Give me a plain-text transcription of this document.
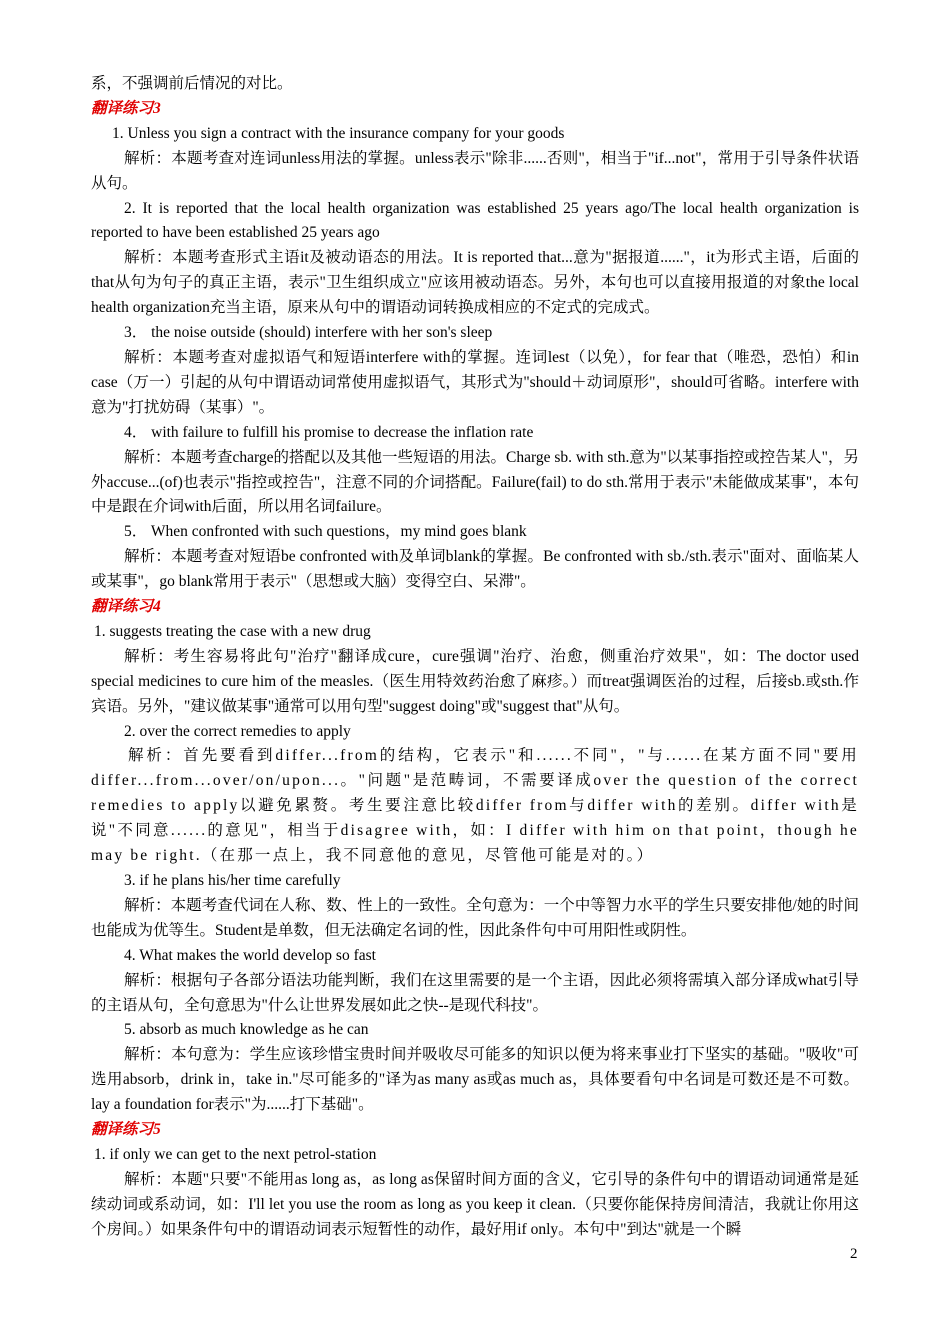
系，不强调前后情况的对比。

翻译练习3

1. Unless you sign a contract with the insurance company for your goods

解析：本题考查对连词unless用法的掌握。unless表示"除非......否则"，相当于"if...not"，常用于引导条件状语从句。

2. It is reported that the local health organization was established 25 years ago/The local health organization is reported to have been established 25 years ago

解析：本题考查形式主语it及被动语态的用法。It is reported that...意为"据报道......"，it为形式主语，后面的that从句为句子的真正主语，表示"卫生组织成立"应该用被动语态。另外，本句也可以直接用报道的对象the local health organization充当主语，原来从句中的谓语动词转换成相应的不定式的完成式。

3． the noise outside (should) interfere with her son's sleep

解析：本题考查对虚拟语气和短语interfere with的掌握。连词lest（以免），for fear that（唯恐，恐怕）和in case（万一）引起的从句中谓语动词常使用虚拟语气，其形式为"should＋动词原形"，should可省略。interfere with意为"打扰妨碍（某事）"。

4． with failure to fulfill his promise to decrease the inflation rate

解析：本题考查charge的搭配以及其他一些短语的用法。Charge sb. with sth.意为"以某事指控或控告某人"，另外accuse...(of)也表示"指控或控告"，注意不同的介词搭配。Failure(fail) to do sth.常用于表示"未能做成某事"，本句中是跟在介词with后面，所以用名词failure。

5． When confronted with such questions，my mind goes blank

解析：本题考查对短语be confronted with及单词blank的掌握。Be confronted with sb./sth.表示"面对、面临某人或某事"，go blank常用于表示"（思想或大脑）变得空白、呆滞"。

翻译练习4

1. suggests treating the case with a new drug

解析：考生容易将此句"治疗"翻译成cure，cure强调"治疗、治愈，侧重治疗效果"，如：The doctor used special medicines to cure him of the measles.（医生用特效药治愈了麻疹。）而treat强调医治的过程，后接sb.或sth.作宾语。另外，"建议做某事"通常可以用句型"suggest doing"或"suggest that"从句。

2. over the correct remedies to apply

解析：首先要看到differ...from的结构，它表示"和......不同"，"与......在某方面不同"要用differ...from...over/on/upon...。"问题"是范畴词，不需要译成over the question of the correct remedies to apply以避免累赘。考生要注意比较differ from与differ with的差别。differ with是说"不同意......的意见"，相当于disagree with，如：I differ with him on that point，though he may be right.（在那一点上，我不同意他的意见，尽管他可能是对的。）

3. if he plans his/her time carefully

解析：本题考查代词在人称、数、性上的一致性。全句意为：一个中等智力水平的学生只要安排他/她的时间也能成为优等生。Student是单数，但无法确定名词的性，因此条件句中可用阳性或阴性。

4. What makes the world develop so fast

解析：根据句子各部分语法功能判断，我们在这里需要的是一个主语，因此必须将需填入部分译成what引导的主语从句，全句意思为"什么让世界发展如此之快--是现代科技"。

5. absorb as much knowledge as he can

解析：本句意为：学生应该珍惜宝贵时间并吸收尽可能多的知识以便为将来事业打下坚实的基础。"吸收"可选用absorb，drink in，take in."尽可能多的"译为as many as或as much as，具体要看句中名词是可数还是不可数。lay a foundation for表示"为......打下基础"。

翻译练习5

1. if only we can get to the next petrol-station

解析：本题"只要"不能用as long as，as long as保留时间方面的含义，它引导的条件句中的谓语动词通常是延续动词或系动词，如：I'll let you use the room as long as you keep it clean.（只要你能保持房间清洁，我就让你用这个房间。）如果条件句中的谓语动词表示短暂性的动作，最好用if only。本句中"到达"就是一个瞬

2
